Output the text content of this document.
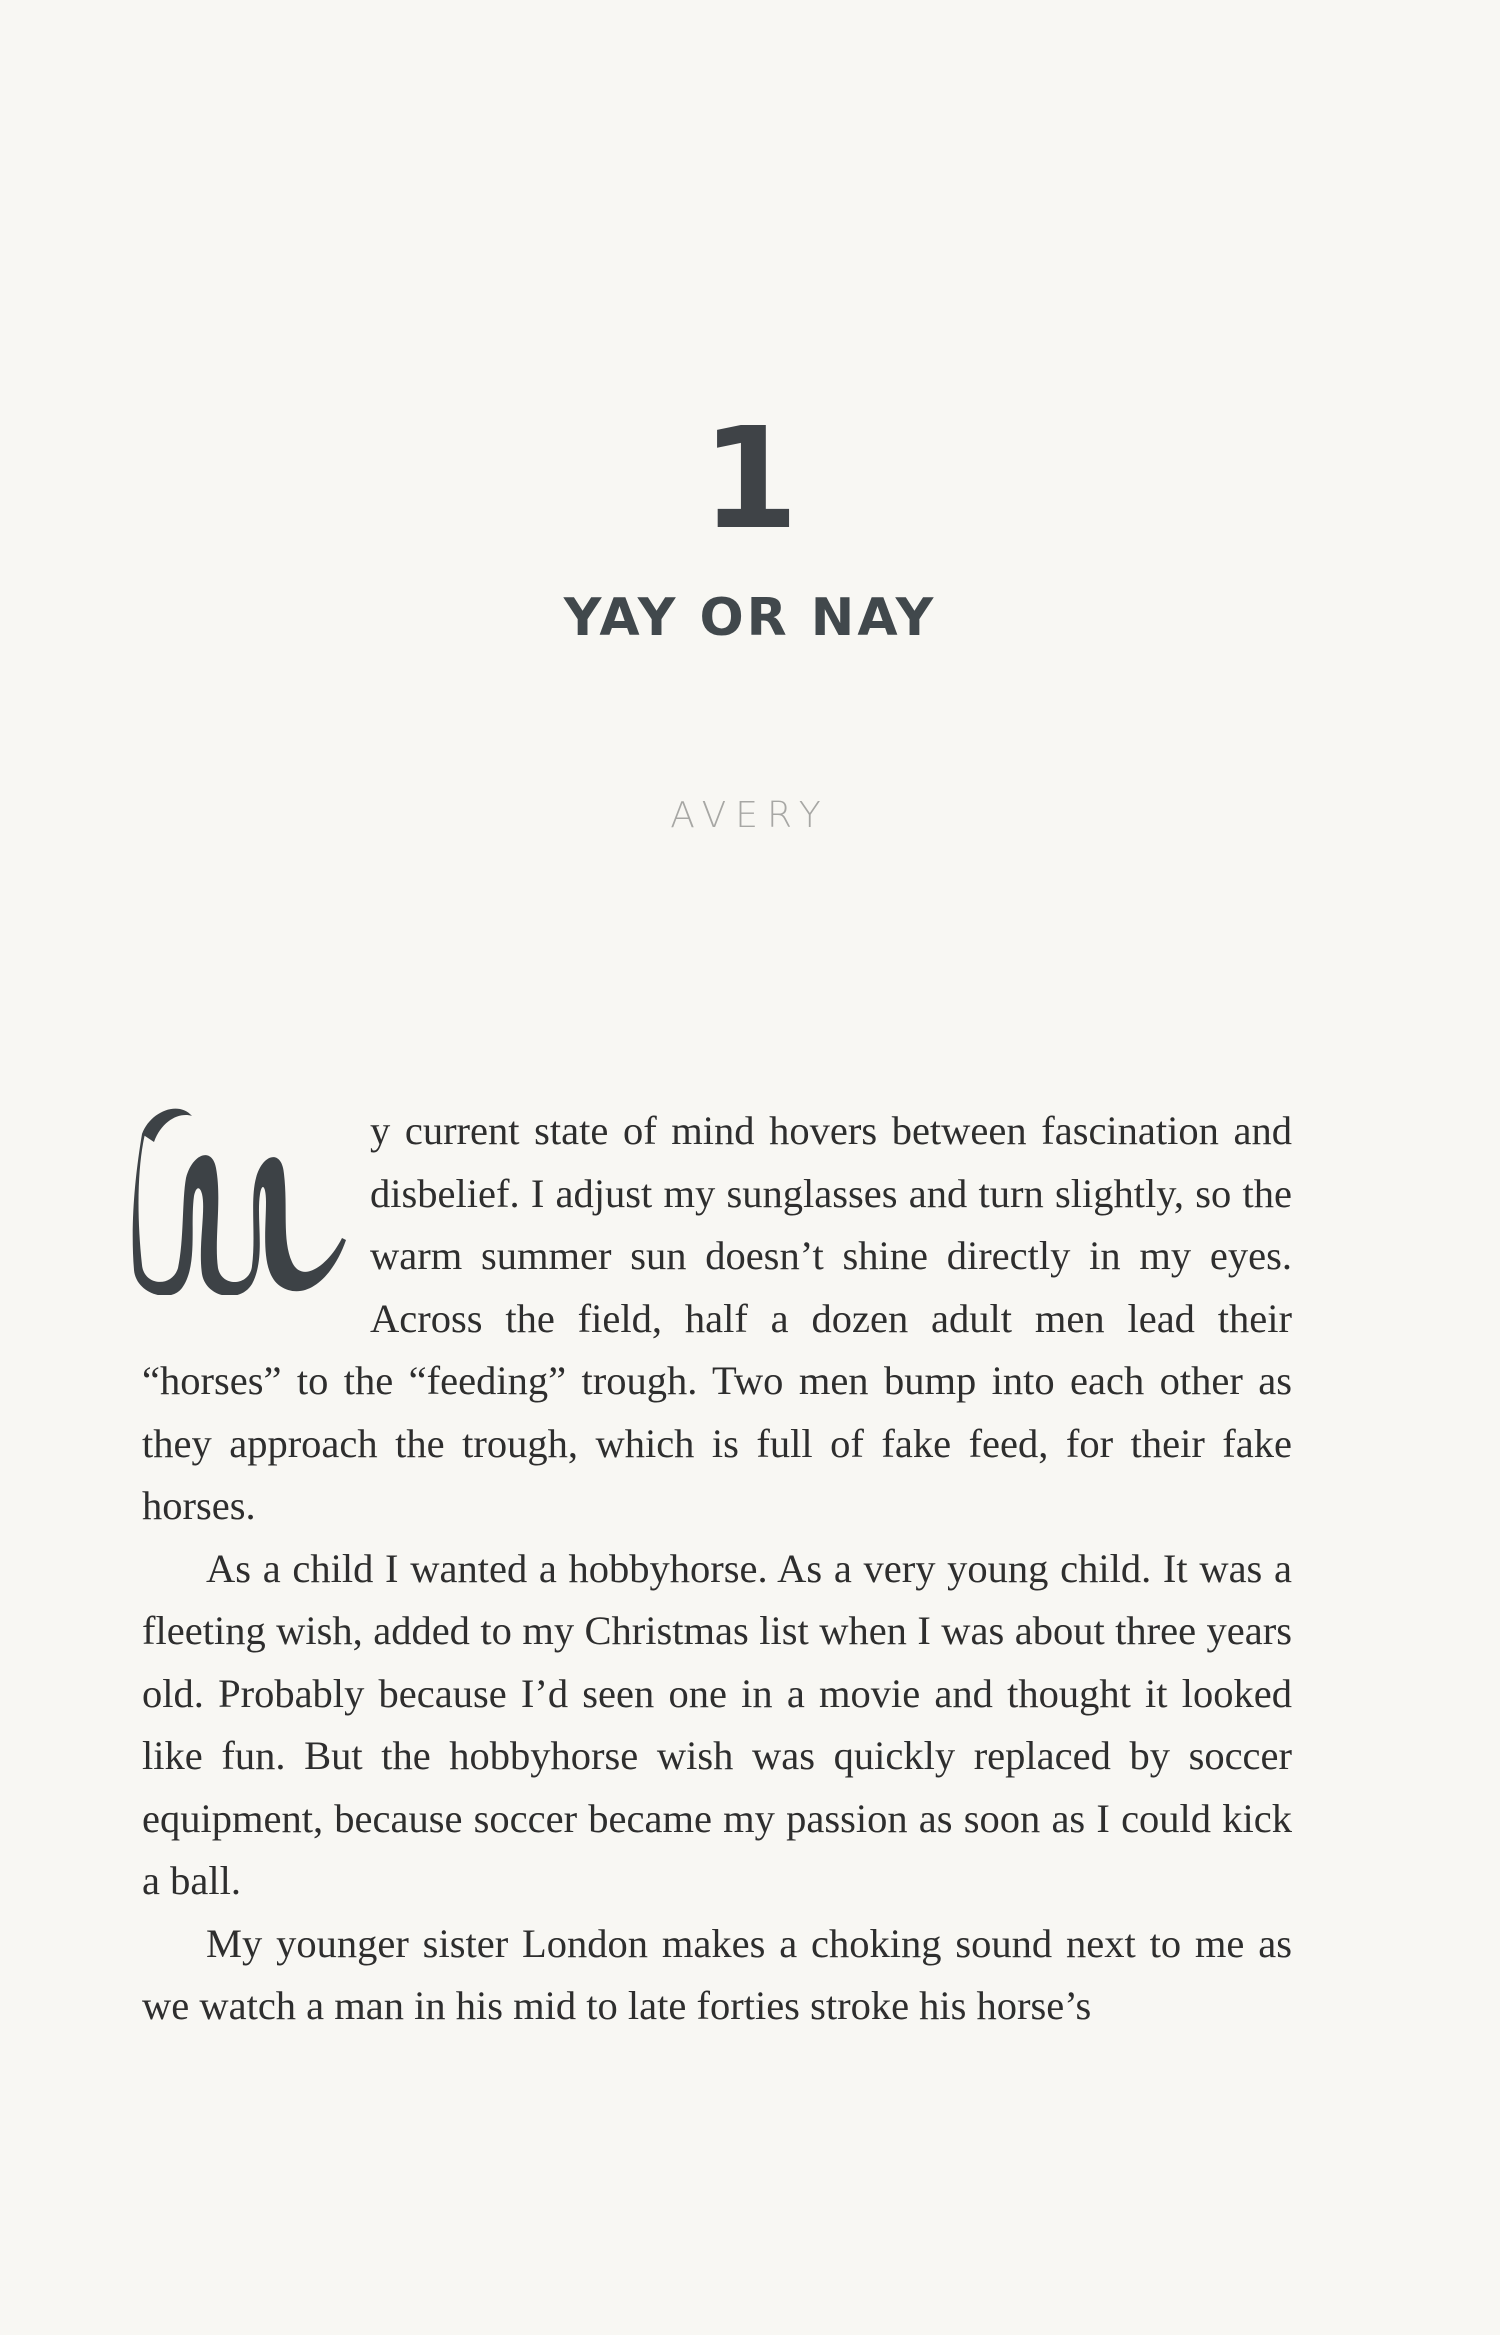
1
YAY OR NAY
AVERY

y current state of mind hovers between fascination and disbelief. I adjust my sunglasses and turn slightly, so the warm summer sun doesn’t shine directly in my eyes. Across the field, half a dozen adult men lead their “horses” to the “feeding” trough. Two men bump into each other as they approach the trough, which is full of fake feed, for their fake horses.

As a child I wanted a hobbyhorse. As a very young child. It was a fleeting wish, added to my Christmas list when I was about three years old. Probably because I’d seen one in a movie and thought it looked like fun. But the hobbyhorse wish was quickly replaced by soccer equipment, because soccer became my passion as soon as I could kick a ball.

My younger sister London makes a choking sound next to me as we watch a man in his mid to late forties stroke his horse’s
